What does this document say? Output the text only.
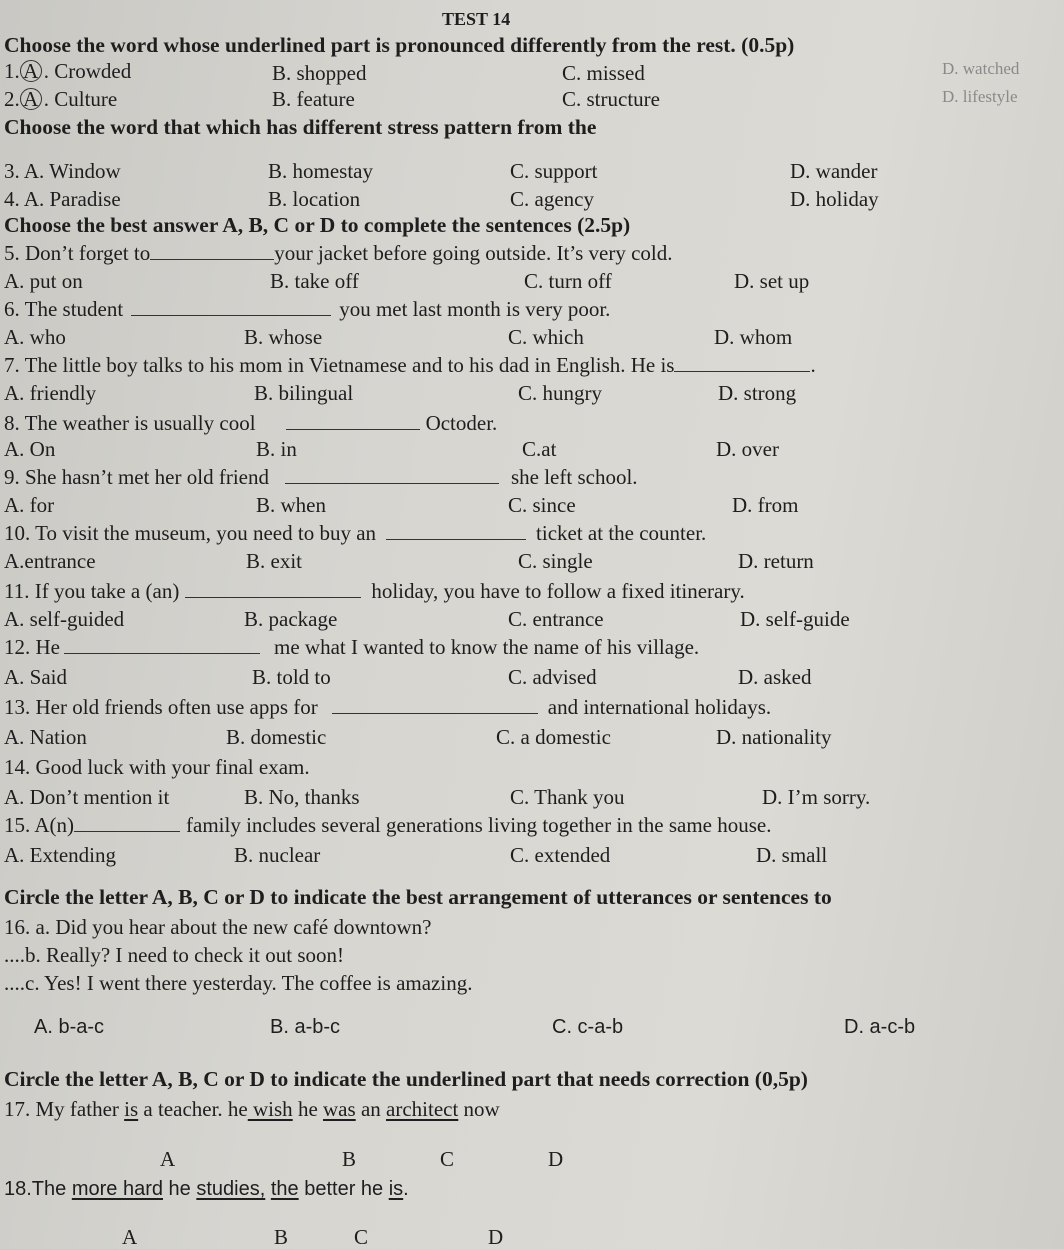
TEST 14
Choose the word whose underlined part is pronounced differently from the rest. (0.5p)
1. A . Crowded	B. shopped	C. missed	D. watched
2. A . Culture	B. feature	C. structure	D. lifestyle
Choose the word that which has different stress pattern from the
3. A. Window	B. homestay	C. support	D. wander
4. A. Paradise	B. location	C. agency	D. holiday
Choose the best answer A, B, C or D to complete the sentences (2.5p)
5. Don’t forget to	your jacket before going outside. It’s very cold.
A. put on	B. take off	C. turn off	D. set up
6. The student	you met last month is very poor.
A. who	B. whose	C. which	D. whom
7. The little boy talks to his mom in Vietnamese and to his dad in English. He is	.
A. friendly	B. bilingual	C. hungry	D. strong
8. The weather is usually cool	Octoder.
A. On	B. in	C.at	D. over
9. She hasn’t met her old friend	she left school.
A. for	B. when	C. since	D. from
10. To visit the museum, you need to buy an	ticket at the counter.
A.entrance	B. exit	C. single	D. return
11. If you take a (an)	holiday, you have to follow a fixed itinerary.
A. self-guided	B. package	C. entrance	D. self-guide
12. He	me what I wanted to know the name of his village.
A. Said	B. told to	C. advised	D. asked
13. Her old friends often use apps for	and international holidays.
A. Nation	B. domestic	C. a domestic	D. nationality
14. Good luck with your final exam.
A. Don’t mention it	B. No, thanks	C. Thank you	D. I’m sorry.
15. A(n)	family includes several generations living together in the same house.
A. Extending	B. nuclear	C. extended	D. small
Circle the letter A, B, C or D to indicate the best arrangement of utterances or sentences to
16. a. Did you hear about the new café downtown?
....b. Really? I need to check it out soon!
....c. Yes! I went there yesterday. The coffee is amazing.
A. b-a-c	B. a-b-c	C. c-a-b	D. a-c-b
Circle the letter A, B, C or D to indicate the underlined part that needs correction (0,5p)
17. My father is a teacher. he wish he was an architect now
A	B	C	D
18.The more hard he studies, the better he is.
A	B	C	D
